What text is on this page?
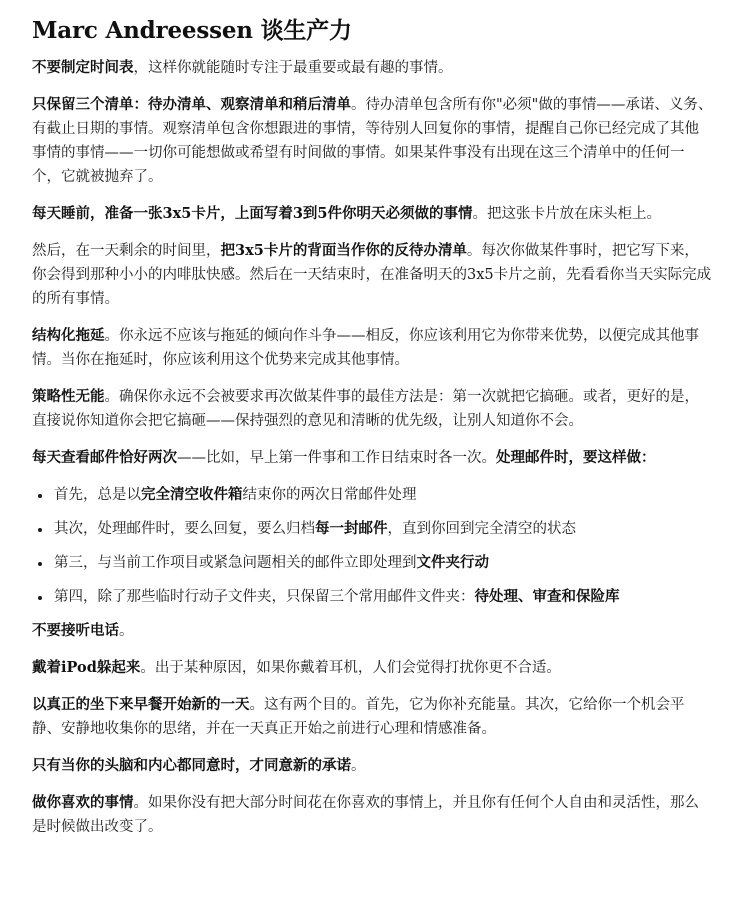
Marc Andreessen 谈生产力

不要制定时间表，这样你就能随时专注于最重要或最有趣的事情。

只保留三个清单：待办清单、观察清单和稍后清单。待办清单包含所有你"必须"做的事情——承诺、义务、有截止日期的事情。观察清单包含你想跟进的事情，等待别人回复你的事情，提醒自己你已经完成了其他事情的事情——一切你可能想做或希望有时间做的事情。如果某件事没有出现在这三个清单中的任何一个，它就被抛弃了。

每天睡前，准备一张3x5卡片，上面写着3到5件你明天必须做的事情。把这张卡片放在床头柜上。

然后，在一天剩余的时间里，把3x5卡片的背面当作你的反待办清单。每次你做某件事时，把它写下来，你会得到那种小小的内啡肽快感。然后在一天结束时，在准备明天的3x5卡片之前，先看看你当天实际完成的所有事情。

结构化拖延。你永远不应该与拖延的倾向作斗争——相反，你应该利用它为你带来优势，以便完成其他事情。当你在拖延时，你应该利用这个优势来完成其他事情。

策略性无能。确保你永远不会被要求再次做某件事的最佳方法是：第一次就把它搞砸。或者，更好的是，直接说你知道你会把它搞砸——保持强烈的意见和清晰的优先级，让别人知道你不会。

每天查看邮件恰好两次——比如，早上第一件事和工作日结束时各一次。处理邮件时，要这样做：

• 首先，总是以完全清空收件箱结束你的两次日常邮件处理
• 其次，处理邮件时，要么回复，要么归档每一封邮件，直到你回到完全清空的状态
• 第三，与当前工作项目或紧急问题相关的邮件立即处理到文件夹行动
• 第四，除了那些临时行动子文件夹，只保留三个常用邮件文件夹：待处理、审查和保险库

不要接听电话。

戴着iPod躲起来。出于某种原因，如果你戴着耳机，人们会觉得打扰你更不合适。

以真正的坐下来早餐开始新的一天。这有两个目的。首先，它为你补充能量。其次，它给你一个机会平静、安静地收集你的思绪，并在一天真正开始之前进行心理和情感准备。

只有当你的头脑和内心都同意时，才同意新的承诺。

做你喜欢的事情。如果你没有把大部分时间花在你喜欢的事情上，并且你有任何个人自由和灵活性，那么是时候做出改变了。
